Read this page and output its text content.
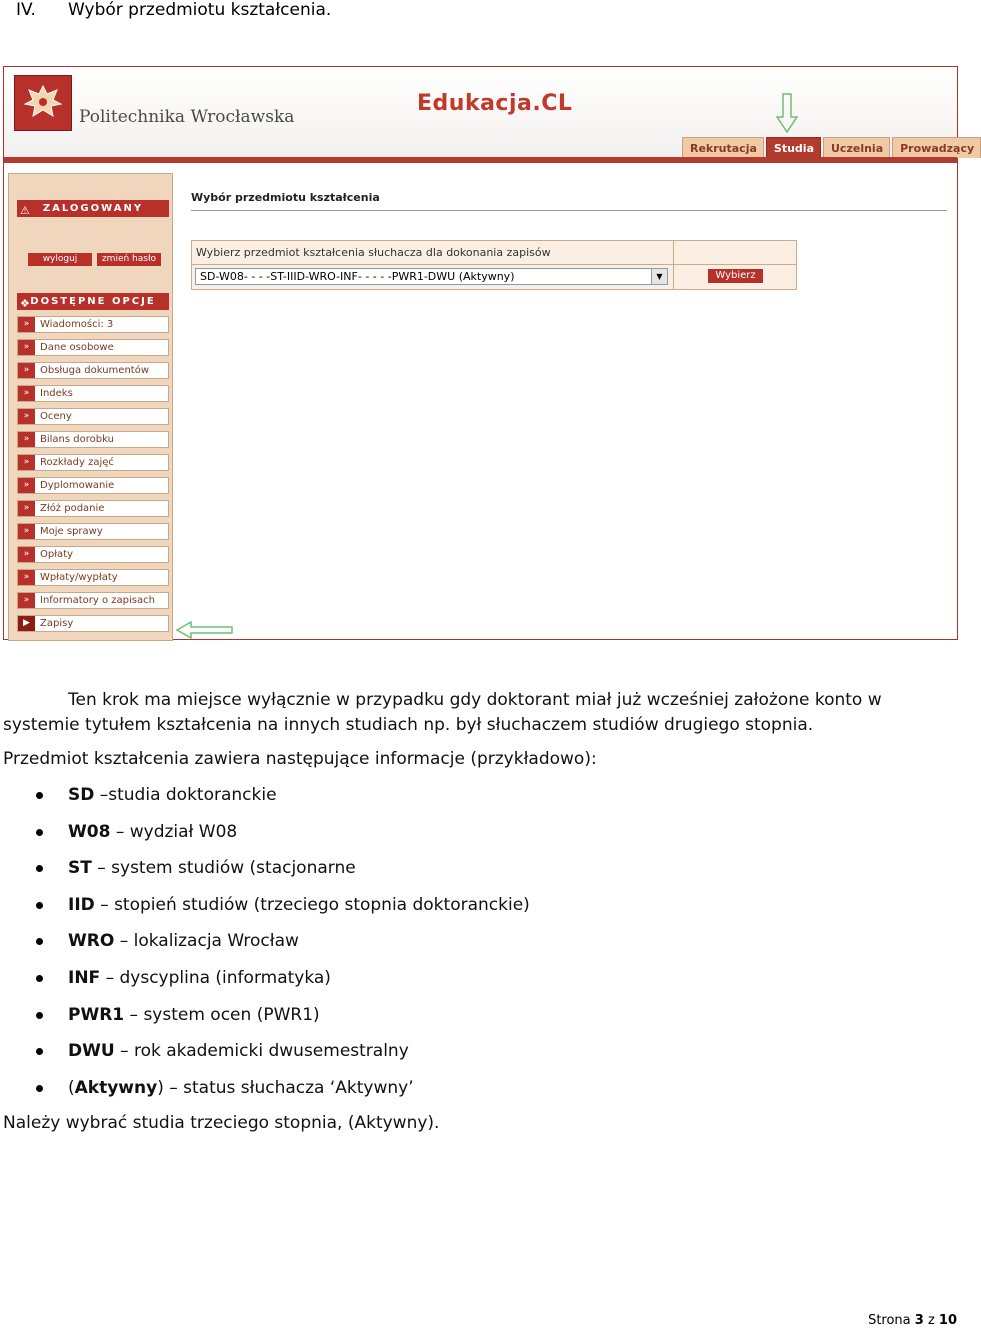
IV. Wybór przedmiotu kształcenia.
Politechnika Wrocławska
Edukacja.CL
Rekrutacja	Studia	Uczelnia	Prowadzący
⚠ ZALOGOWANY
wyloguj	zmień hasło
❖ DOSTĘPNE OPCJE
»	Wiadomości: 3
»	Dane osobowe
»	Obsługa dokumentów
»	Indeks
»	Oceny
»	Bilans dorobku
»	Rozkłady zajęć
»	Dyplomowanie
»	Złóż podanie
»	Moje sprawy
»	Opłaty
»	Wpłaty/wypłaty
»	Informatory o zapisach
▶	Zapisy
Wybór przedmiotu kształcenia
Wybierz przedmiot kształcenia słuchacza dla dokonania zapisów
SD-W08- - - -ST-IIID-WRO-INF- - - - -PWR1-DWU (Aktywny)	▼	Wybierz
Ten krok ma miejsce wyłącznie w przypadku gdy doktorant miał już wcześniej założone konto w systemie tytułem kształcenia na innych studiach np. był słuchaczem studiów drugiego stopnia.
Przedmiot kształcenia zawiera następujące informacje (przykładowo):
SD –studia doktoranckie
W08 – wydział W08
ST – system studiów (stacjonarne
IID – stopień studiów (trzeciego stopnia doktoranckie)
WRO – lokalizacja Wrocław
INF – dyscyplina (informatyka)
PWR1 – system ocen (PWR1)
DWU – rok akademicki dwusemestralny
(Aktywny) – status słuchacza ‘Aktywny’
Należy wybrać studia trzeciego stopnia, (Aktywny).
Strona 3 z 10
